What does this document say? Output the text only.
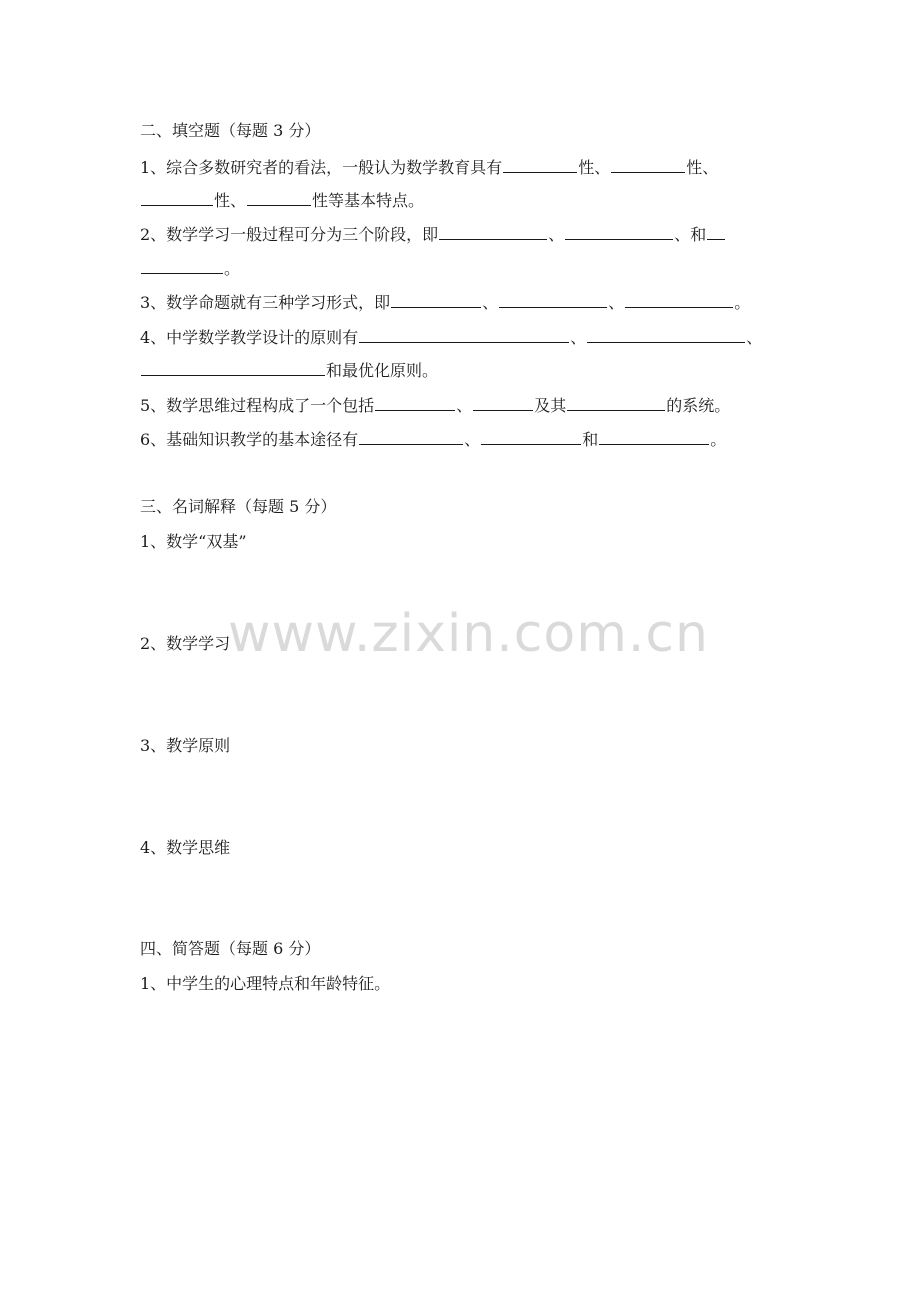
www.zixin.com.cn
二、填空题（每题 3 分）
1、综合多数研究者的看法，一般认为数学教育具有	性、	性、
性、	性等基本特点。
2、数学学习一般过程可分为三个阶段，即	、	、和
。
3、数学命题就有三种学习形式，即	、	、	。
4、中学数学教学设计的原则有	、	、
和最优化原则。
5、数学思维过程构成了一个包括	、	及其	的系统。
6、基础知识教学的基本途径有	、	和	。
三、名词解释（每题 5 分）
1、数学“双基”
2、数学学习
3、教学原则
4、数学思维
四、简答题（每题 6 分）
1、中学生的心理特点和年龄特征。
